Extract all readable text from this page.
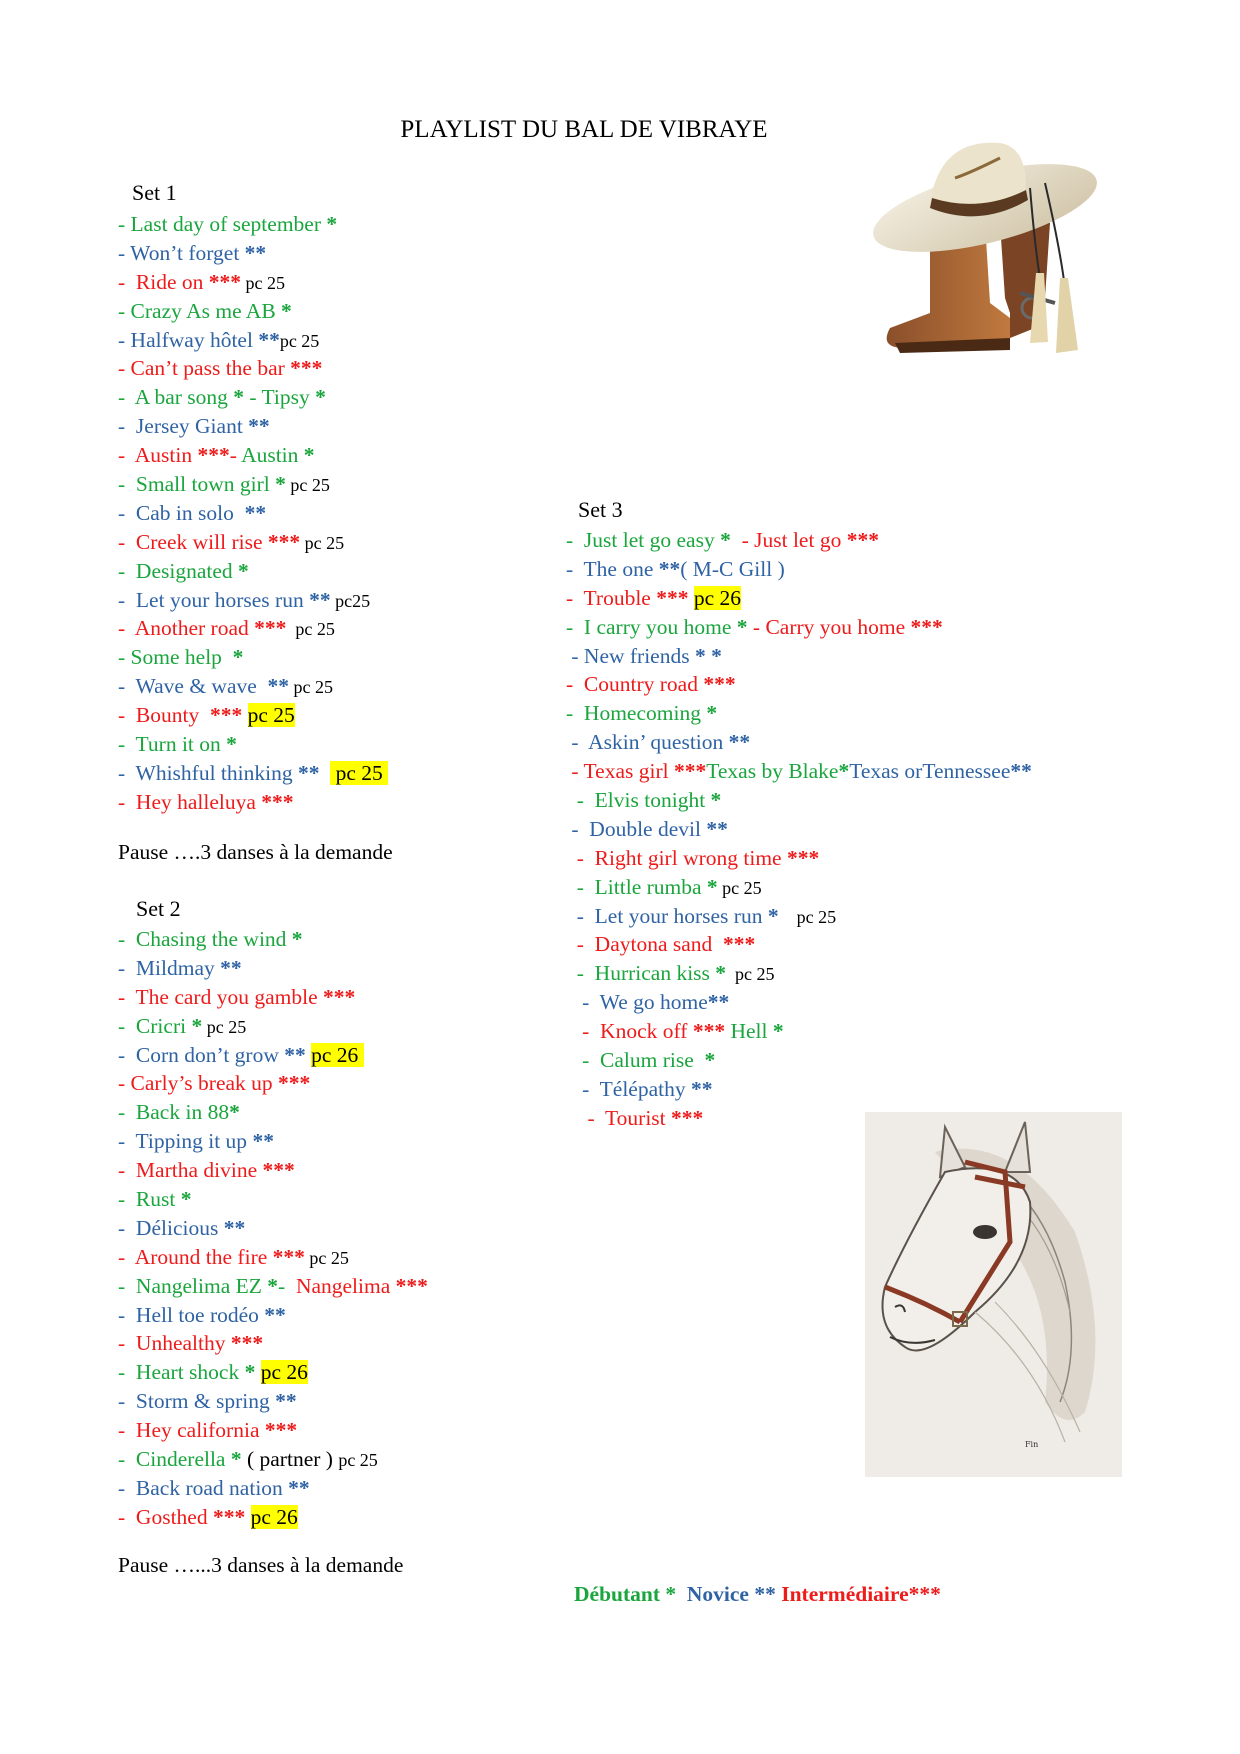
PLAYLIST DU BAL DE VIBRAYE
Fin
Set 1
- Last day of september *
- Won’t forget **
-  Ride on *** pc 25
- Crazy As me AB *
- Halfway hôtel **pc 25
- Can’t pass the bar ***
-  A bar song * - Tipsy *
-  Jersey Giant **
-  Austin ***- Austin *
-  Small town girl * pc 25
-  Cab in solo  **
-  Creek will rise *** pc 25
-  Designated *
-  Let your horses run ** pc25
-  Another road ***  pc 25
- Some help  *
-  Wave & wave  ** pc 25
-  Bounty  *** pc 25
-  Turn it on *
-  Whishful thinking **   pc 25
-  Hey halleluya ***
Pause ….3 danses à la demande
Set 2
-  Chasing the wind *
-  Mildmay **
-  The card you gamble ***
-  Cricri * pc 25
-  Corn don’t grow ** pc 26
- Carly’s break up ***
-  Back in 88*
-  Tipping it up **
-  Martha divine ***
-  Rust *
-  Délicious **
-  Around the fire *** pc 25
-  Nangelima EZ *-  Nangelima ***
-  Hell toe rodéo **
-  Unhealthy ***
-  Heart shock * pc 26
-  Storm & spring **
-  Hey california ***
-  Cinderella * ( partner ) pc 25
-  Back road nation **
-  Gosthed *** pc 26
Pause …...3 danses à la demande
Set 3
-  Just let go easy *  - Just let go ***
-  The one **( M-C Gill )
-  Trouble *** pc 26
-  I carry you home * - Carry you home ***
- New friends * *
-  Country road ***
-  Homecoming *
-  Askin’ question **
- Texas girl ***Texas by Blake*Texas orTennessee**
-  Elvis tonight *
-  Double devil **
-  Right girl wrong time ***
-  Little rumba * pc 25
-  Let your horses run *    pc 25
-  Daytona sand  ***
-  Hurrican kiss *  pc 25
-  We go home**
-  Knock off *** Hell *
-  Calum rise  *
-  Télépathy **
-  Tourist ***
Débutant *  Novice ** Intermédiaire***
